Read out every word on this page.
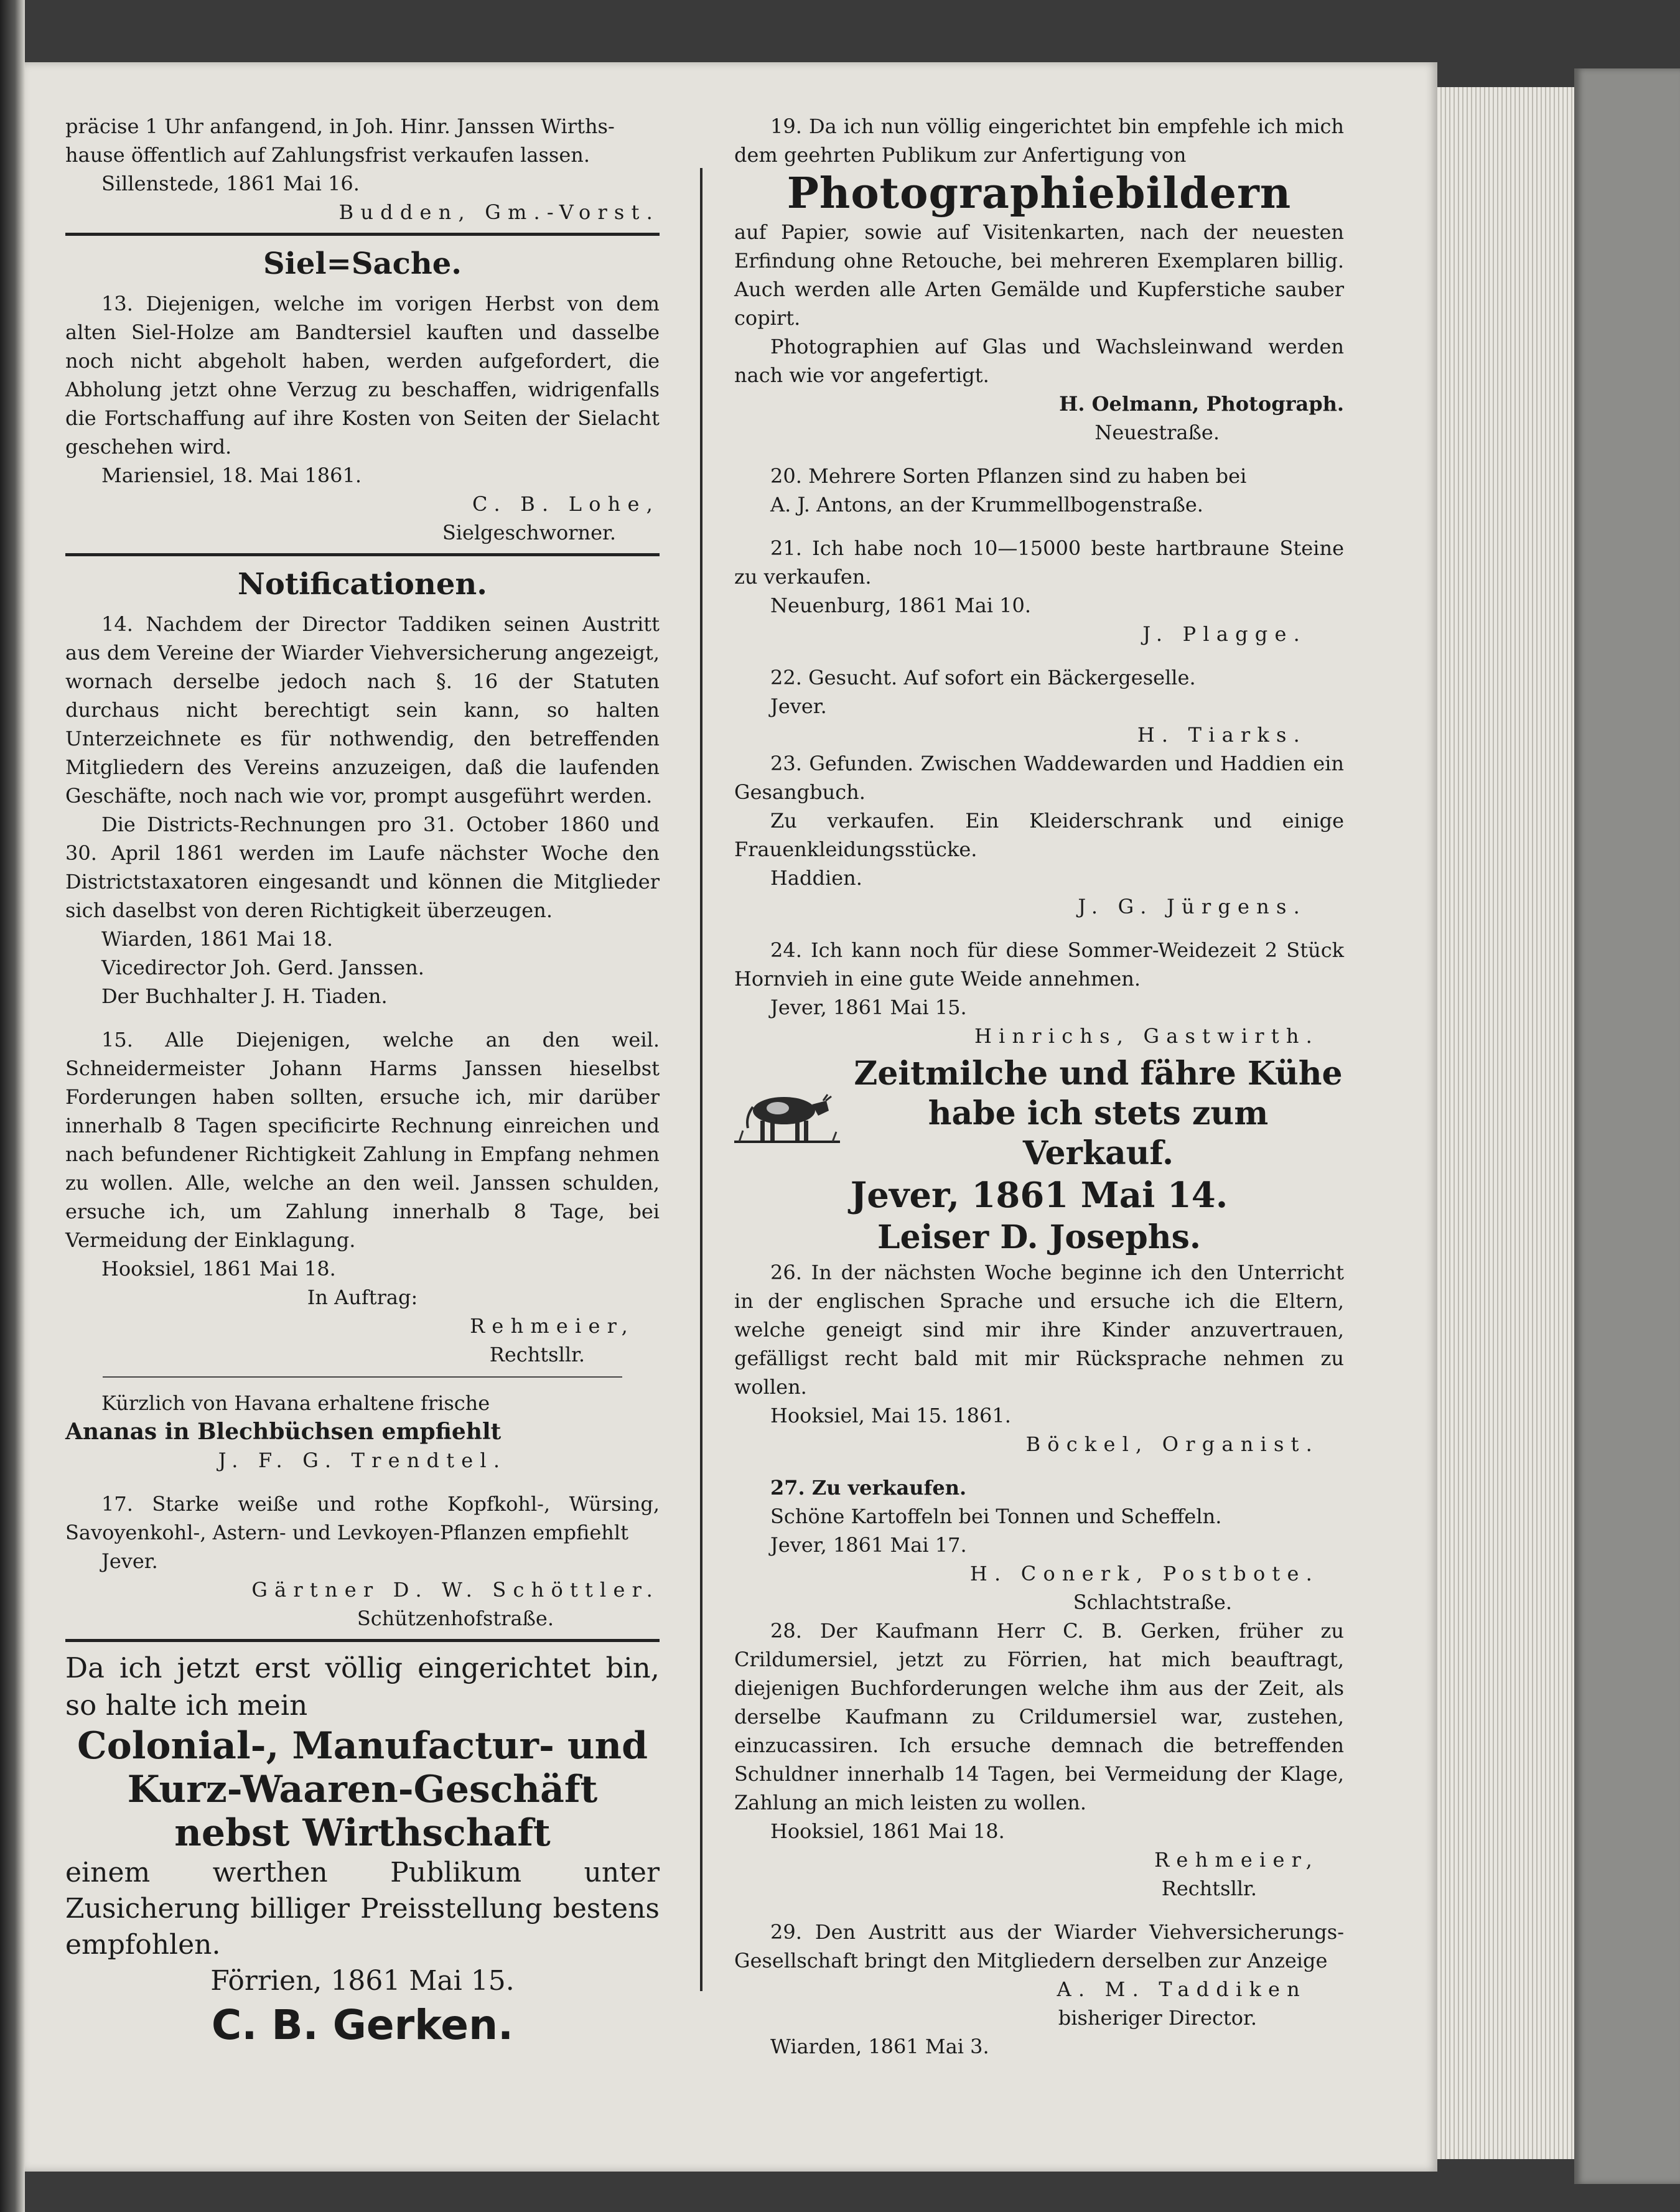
präcise 1 Uhr anfangend, in Joh. Hinr. Janssen Wirths-

hause öffentlich auf Zahlungsfrist verkaufen lassen.

Sillenstede, 1861 Mai 16.

Budden, Gm.-Vorst.

Siel=Sache.

13. Diejenigen, welche im vorigen Herbst von dem alten Siel-Holze am Bandtersiel kauften und dasselbe noch nicht abgeholt haben, werden aufgefordert, die Abholung jetzt ohne Verzug zu beschaffen, widrigenfalls die Fortschaffung auf ihre Kosten von Seiten der Sielacht geschehen wird.

Mariensiel, 18. Mai 1861.

C. B. Lohe,

Sielgeschworner.

Notificationen.

14. Nachdem der Director Taddiken seinen Austritt aus dem Vereine der Wiarder Viehversicherung angezeigt, wornach derselbe jedoch nach §. 16 der Statuten durchaus nicht berechtigt sein kann, so halten Unterzeichnete es für nothwendig, den betreffenden Mitgliedern des Vereins anzuzeigen, daß die laufenden Geschäfte, noch nach wie vor, prompt ausgeführt werden.

Die Districts-Rechnungen pro 31. October 1860 und 30. April 1861 werden im Laufe nächster Woche den Districtstaxatoren eingesandt und können die Mitglieder sich daselbst von deren Richtigkeit überzeugen.

Wiarden, 1861 Mai 18.

Vicedirector Joh. Gerd. Janssen.

Der Buchhalter J. H. Tiaden.

15. Alle Diejenigen, welche an den weil. Schneidermeister Johann Harms Janssen hieselbst Forderungen haben sollten, ersuche ich, mir darüber innerhalb 8 Tagen specificirte Rechnung einreichen und nach befundener Richtigkeit Zahlung in Empfang nehmen zu wollen. Alle, welche an den weil. Janssen schulden, ersuche ich, um Zahlung innerhalb 8 Tage, bei Vermeidung der Einklagung.

Hooksiel, 1861 Mai 18.

In Auftrag:

Rehmeier,

Rechtsllr.

Kürzlich von Havana erhaltene frische

Ananas in Blechbüchsen empfiehlt

J. F. G. Trendtel.

17. Starke weiße und rothe Kopfkohl-, Würsing, Savoyenkohl-, Astern- und Levkoyen-Pflanzen empfiehlt

Jever.

Gärtner D. W. Schöttler.

Schützenhofstraße.

Da ich jetzt erst völlig eingerichtet bin, so halte ich mein

Colonial-, Manufactur- und Kurz-Waaren-Geschäft nebst Wirthschaft

einem werthen Publikum unter Zusicherung billiger Preisstellung bestens empfohlen.

Förrien, 1861 Mai 15.

C. B. Gerken.

19. Da ich nun völlig eingerichtet bin empfehle ich mich dem geehrten Publikum zur Anfertigung von

Photographiebildern

auf Papier, sowie auf Visitenkarten, nach der neuesten Erfindung ohne Retouche, bei mehreren Exemplaren billig. Auch werden alle Arten Gemälde und Kupferstiche sauber copirt.

Photographien auf Glas und Wachsleinwand werden nach wie vor angefertigt.

H. Oelmann, Photograph.

Neuestraße.

20. Mehrere Sorten Pflanzen sind zu haben bei

A. J. Antons, an der Krummellbogenstraße.

21. Ich habe noch 10—15000 beste hartbraune Steine zu verkaufen.

Neuenburg, 1861 Mai 10.

J. Plagge.

22. Gesucht. Auf sofort ein Bäckergeselle.

Jever.

H. Tiarks.

23. Gefunden. Zwischen Waddewarden und Haddien ein Gesangbuch.

Zu verkaufen. Ein Kleiderschrank und einige Frauenkleidungsstücke.

Haddien.

J. G. Jürgens.

24. Ich kann noch für diese Sommer-Weidezeit 2 Stück Hornvieh in eine gute Weide annehmen.

Jever, 1861 Mai 15.

Hinrichs, Gastwirth.

Zeitmilche und fähre Kühe habe ich stets zum Verkauf.

Jever, 1861 Mai 14.

Leiser D. Josephs.

26. In der nächsten Woche beginne ich den Unterricht in der englischen Sprache und ersuche ich die Eltern, welche geneigt sind mir ihre Kinder anzuvertrauen, gefälligst recht bald mit mir Rücksprache nehmen zu wollen.

Hooksiel, Mai 15. 1861.

Böckel, Organist.

27. Zu verkaufen.

Schöne Kartoffeln bei Tonnen und Scheffeln.

Jever, 1861 Mai 17.

H. Conerk, Postbote.

Schlachtstraße.

28. Der Kaufmann Herr C. B. Gerken, früher zu Crildumersiel, jetzt zu Förrien, hat mich beauftragt, diejenigen Buchforderungen welche ihm aus der Zeit, als derselbe Kaufmann zu Crildumersiel war, zustehen, einzucassiren. Ich ersuche demnach die betreffenden Schuldner innerhalb 14 Tagen, bei Vermeidung der Klage, Zahlung an mich leisten zu wollen.

Hooksiel, 1861 Mai 18.

Rehmeier,

Rechtsllr.

29. Den Austritt aus der Wiarder Viehversicherungs-Gesellschaft bringt den Mitgliedern derselben zur Anzeige

A. M. Taddiken

bisheriger Director.

Wiarden, 1861 Mai 3.
